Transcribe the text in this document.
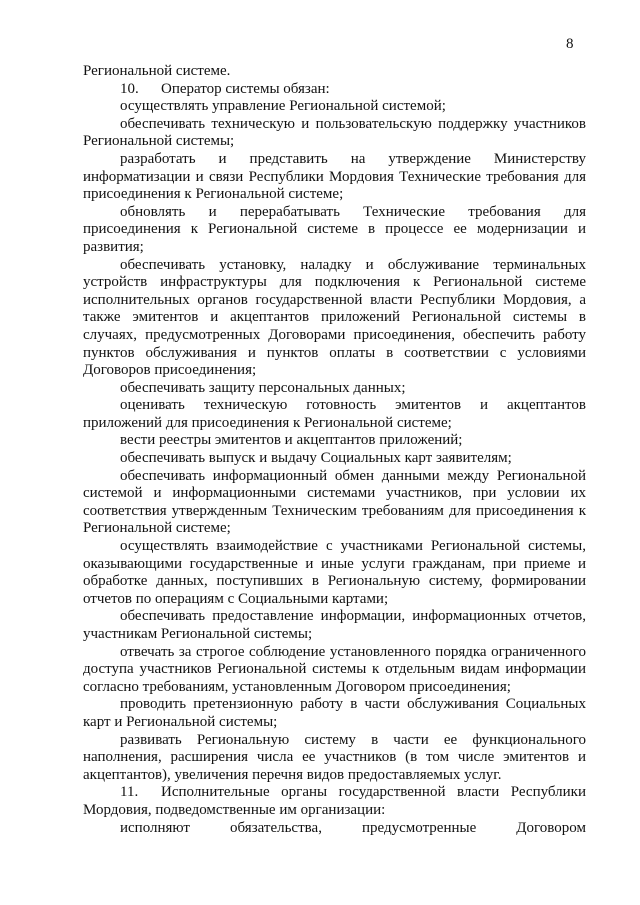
8

Региональной системе.

10. Оператор системы обязан:

осуществлять управление Региональной системой;

обеспечивать техническую и пользовательскую поддержку участников Региональной системы;

разработать и представить на утверждение Министерству информатизации и связи Республики Мордовия Технические требования для присоединения к Региональной системе;

обновлять и перерабатывать Технические требования для присоединения к Региональной системе в процессе ее модернизации и развития;

обеспечивать установку, наладку и обслуживание терминальных устройств инфраструктуры для подключения к Региональной системе исполнительных органов государственной власти Республики Мордовия, а также эмитентов и акцептантов приложений Региональной системы в случаях, предусмотренных Договорами присоединения, обеспечить работу пунктов обслуживания и пунктов оплаты в соответствии с условиями Договоров присоединения;

обеспечивать защиту персональных данных;

оценивать техническую готовность эмитентов и акцептантов приложений для присоединения к Региональной системе;

вести реестры эмитентов и акцептантов приложений;

обеспечивать выпуск и выдачу Социальных карт заявителям;

обеспечивать информационный обмен данными между Региональной системой и информационными системами участников, при условии их соответствия утвержденным Техническим требованиям для присоединения к Региональной системе;

осуществлять взаимодействие с участниками Региональной системы, оказывающими государственные и иные услуги гражданам, при приеме и обработке данных, поступивших в Региональную систему, формировании отчетов по операциям с Социальными картами;

обеспечивать предоставление информации, информационных отчетов, участникам Региональной системы;

отвечать за строгое соблюдение установленного порядка ограниченного доступа участников Региональной системы к отдельным видам информации согласно требованиям, установленным Договором присоединения;

проводить претензионную работу в части обслуживания Социальных карт и Региональной системы;

развивать Региональную систему в части ее функционального наполнения, расширения числа ее участников (в том числе эмитентов и акцептантов), увеличения перечня видов предоставляемых услуг.

11. Исполнительные органы государственной власти Республики Мордовия, подведомственные им организации:

исполняют обязательства, предусмотренные Договором
